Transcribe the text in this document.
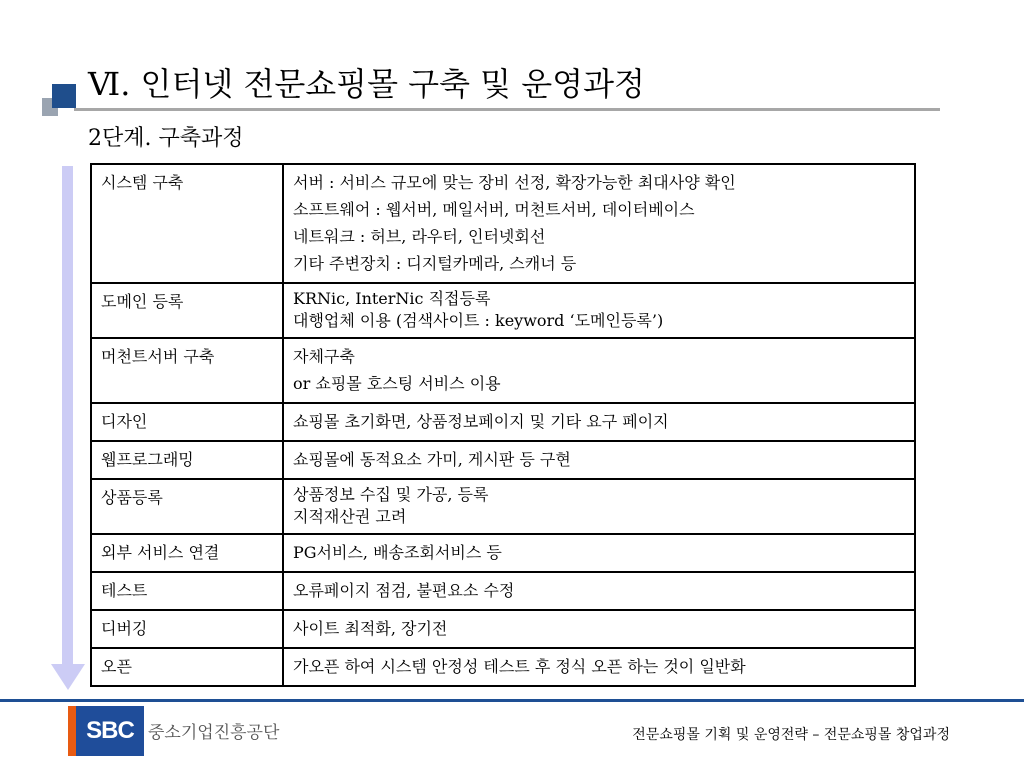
Ⅵ. 인터넷 전문쇼핑몰 구축 및 운영과정
2단계. 구축과정
시스템 구축	서버 : 서비스 규모에 맞는 장비 선정, 확장가능한 최대사양 확인
소프트웨어 : 웹서버, 메일서버, 머천트서버, 데이터베이스
네트워크 : 허브, 라우터, 인터넷회선
기타 주변장치 : 디지털카메라, 스캐너 등

도메인 등록	KRNic, InterNic 직접등록
대행업체 이용 (검색사이트 : keyword ‘도메인등록’)

머천트서버 구축	자체구축
or 쇼핑몰 호스팅 서비스 이용

디자인	쇼핑몰 초기화면, 상품정보페이지 및 기타 요구 페이지

웹프로그래밍	쇼핑몰에 동적요소 가미, 게시판 등 구현

상품등록	상품정보 수집 및 가공, 등록
지적재산권 고려

외부 서비스 연결	PG서비스, 배송조회서비스 등

테스트	오류페이지 점검, 불편요소 수정

디버깅	사이트 최적화, 장기전

오픈	가오픈 하여 시스템 안정성 테스트 후 정식 오픈 하는 것이 일반화
SBC 중소기업진흥공단	전문쇼핑몰 기획 및 운영전략 – 전문쇼핑몰 창업과정
